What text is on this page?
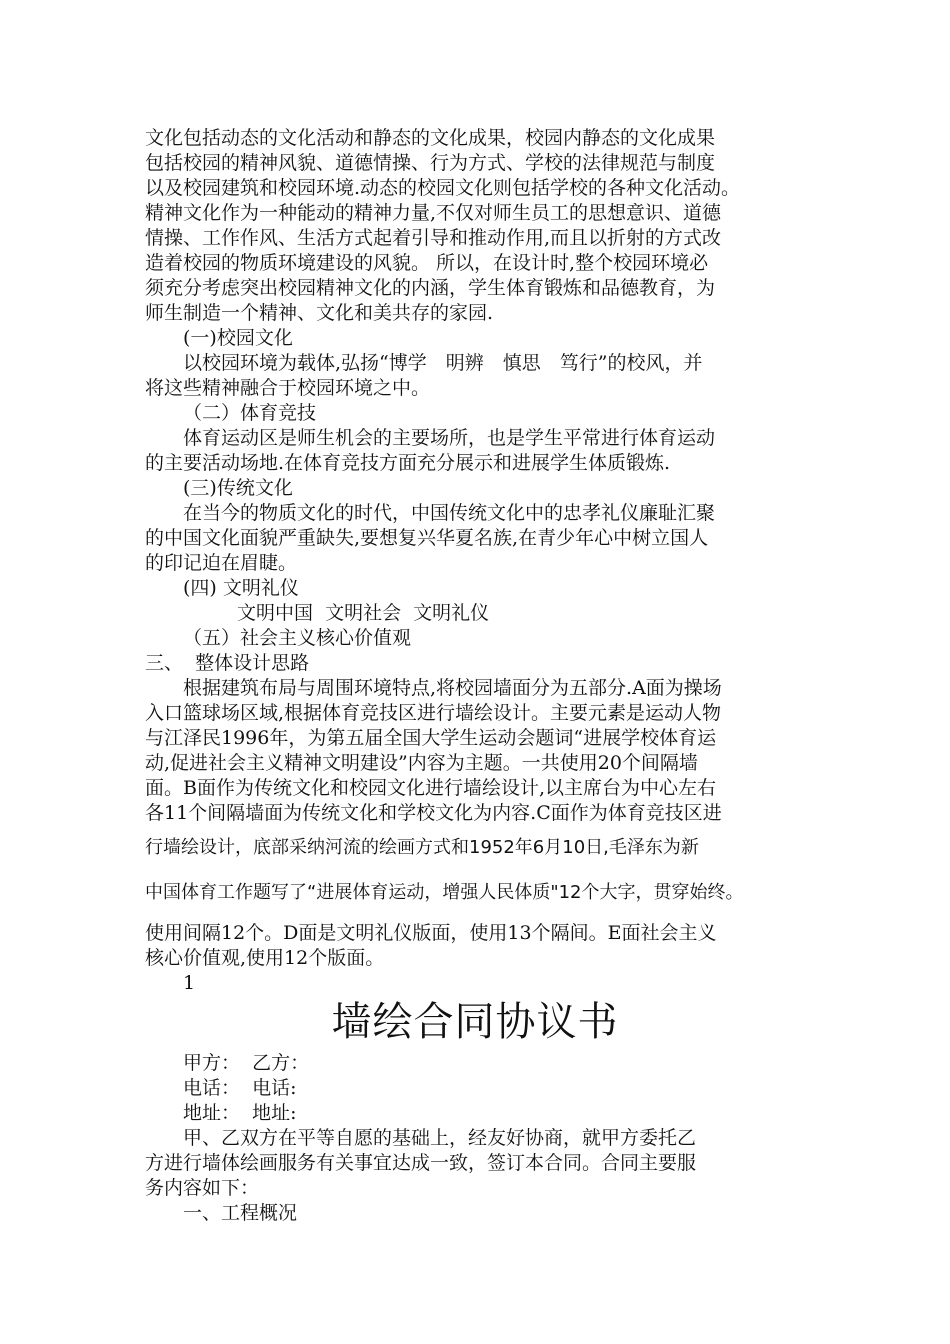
文化包括动态的文化活动和静态的文化成果，校园内静态的文化成果
包括校园的精神风貌、道德情操、行为方式、学校的法律规范与制度
以及校园建筑和校园环境.动态的校园文化则包括学校的各种文化活动。
精神文化作为一种能动的精神力量,不仅对师生员工的思想意识、道德
情操、工作作风、生活方式起着引导和推动作用,而且以折射的方式改
造着校园的物质环境建设的风貌。 所以，在设计时,整个校园环境必
须充分考虑突出校园精神文化的内涵，学生体育锻炼和品德教育，为
师生制造一个精神、文化和美共存的家园.
(一)校园文化
以校园环境为载体,弘扬“博学　明辨　慎思　笃行”的校风，并
将这些精神融合于校园环境之中。
（二）体育竞技
体育运动区是师生机会的主要场所，也是学生平常进行体育运动
的主要活动场地.在体育竞技方面充分展示和进展学生体质锻炼.
(三)传统文化
在当今的物质文化的时代，中国传统文化中的忠孝礼仪廉耻汇聚
的中国文化面貌严重缺失,要想复兴华夏名族,在青少年心中树立国人
的印记迫在眉睫。
(四) 文明礼仪
文明中国  文明社会  文明礼仪
（五）社会主义核心价值观
三、  整体设计思路
根据建筑布局与周围环境特点,将校园墙面分为五部分.A面为操场
入口篮球场区域,根据体育竞技区进行墙绘设计。主要元素是运动人物
与江泽民1996年，为第五届全国大学生运动会题词“进展学校体育运
动,促进社会主义精神文明建设”内容为主题。一共使用20个间隔墙
面。B面作为传统文化和校园文化进行墙绘设计,以主席台为中心左右
各11个间隔墙面为传统文化和学校文化为内容.C面作为体育竞技区进
行墙绘设计，底部采纳河流的绘画方式和1952年6月10日,毛泽东为新
中国体育工作题写了“进展体育运动，增强人民体质"12个大字，贯穿始终。
使用间隔12个。D面是文明礼仪版面，使用13个隔间。E面社会主义
核心价值观,使用12个版面。
1
墙绘合同协议书
甲方：  乙方：
电话：  电话:
地址：  地址:
甲、乙双方在平等自愿的基础上，经友好协商，就甲方委托乙
方进行墙体绘画服务有关事宜达成一致，签订本合同。合同主要服
务内容如下：
一、工程概况
